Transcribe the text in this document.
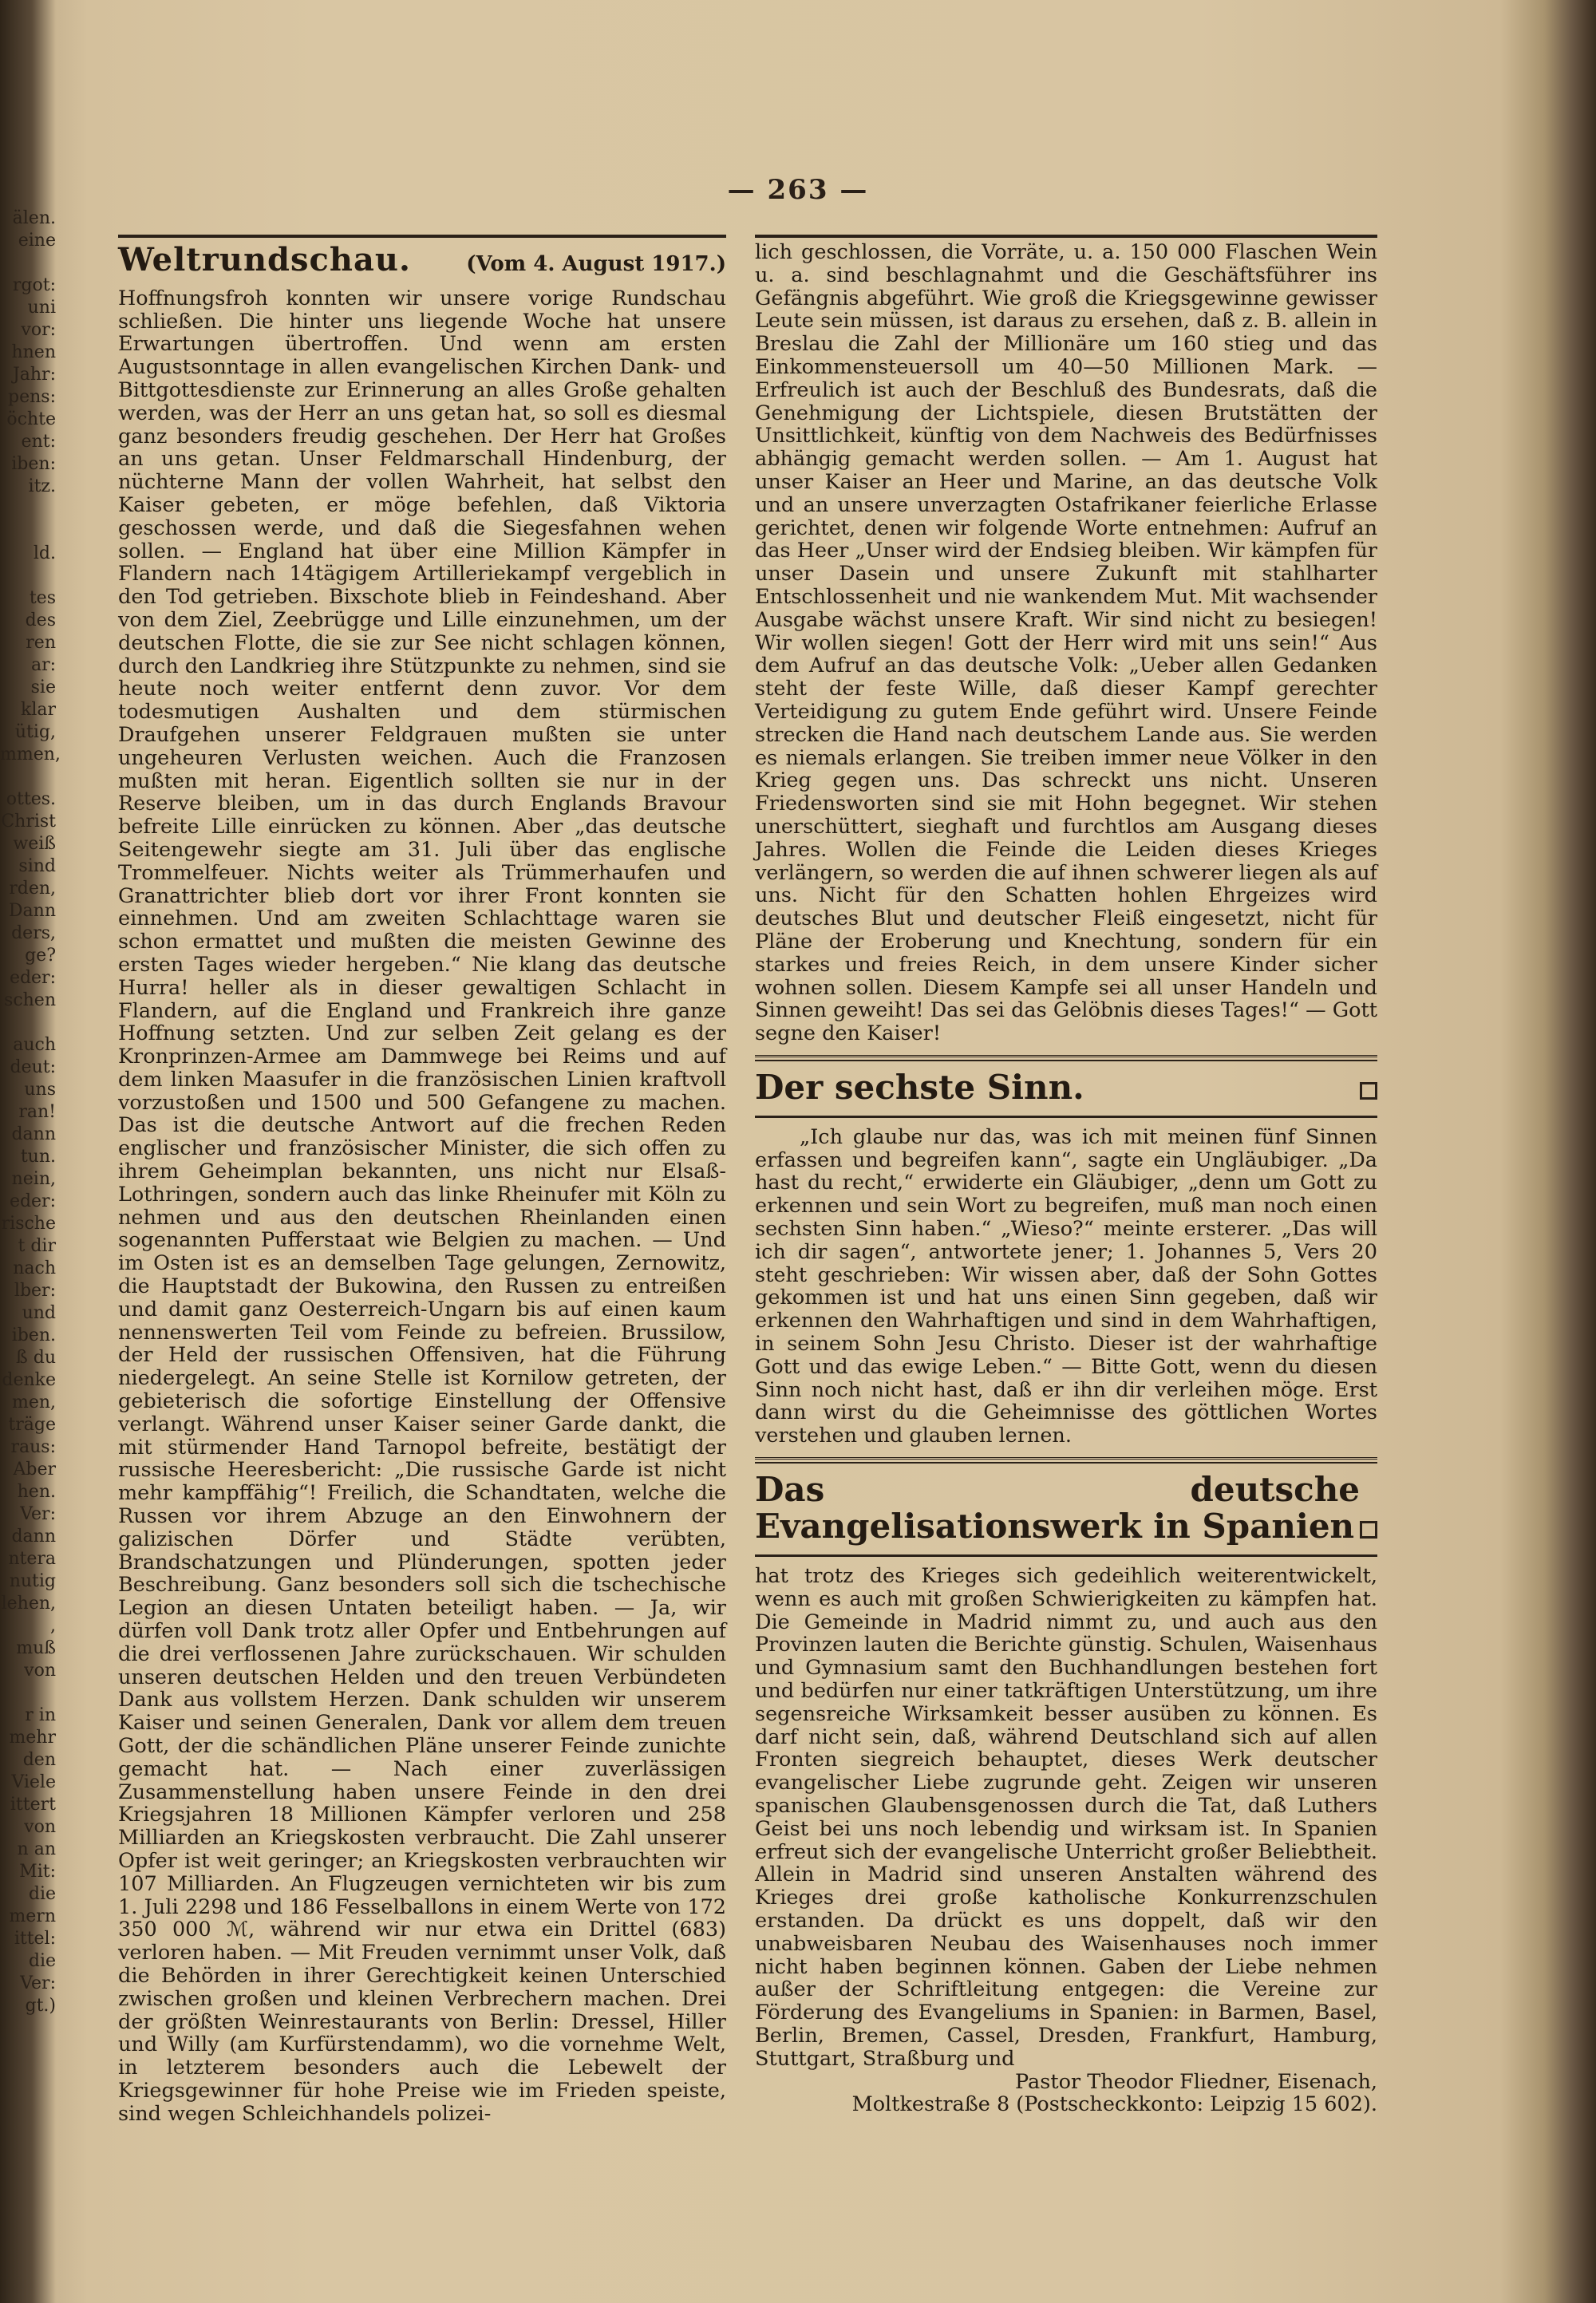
älen.
eine

rgot:
uni
vor:
hnen
Jahr:
pens:
öchte
ent:
iben:
itz.

ld.

tes
des
ren
ar:
sie
klar
ütig,
mmen,

ottes.
Christ
weiß
sind
rden,
Dann
ders,
ge?
eder:
schen

auch
deut:
uns
ran!
dann
tun.
nein,
eder:
rische
t dir
nach
lber:
und
iben.
ß du
denke
men,
träge
raus:
Aber
hen.
Ver:
dann
ntera
nutig
lehen,
,
muß
von

r in
mehr
den
Viele
ittert
von
n an
Mit:
die
mern
ittel:
die
Ver:
gt.)
— 263 —
Weltrundschau.	(Vom 4. August 1917.)

Hoffnungsfroh konnten wir unsere vorige Rundschau schließen. Die hinter uns liegende Woche hat unsere Erwartungen übertroffen. Und wenn am ersten Augustsonntage in allen evangelischen Kirchen Dank- und Bittgottesdienste zur Erinnerung an alles Große gehalten werden, was der Herr an uns getan hat, so soll es diesmal ganz besonders freudig geschehen. Der Herr hat Großes an uns getan. Unser Feldmarschall Hindenburg, der nüchterne Mann der vollen Wahrheit, hat selbst den Kaiser gebeten, er möge befehlen, daß Viktoria geschossen werde, und daß die Siegesfahnen wehen sollen. — England hat über eine Million Kämpfer in Flandern nach 14tägigem Artilleriekampf vergeblich in den Tod getrieben. Bixschote blieb in Feindeshand. Aber von dem Ziel, Zeebrügge und Lille einzunehmen, um der deutschen Flotte, die sie zur See nicht schlagen können, durch den Landkrieg ihre Stützpunkte zu nehmen, sind sie heute noch weiter entfernt denn zuvor. Vor dem todesmutigen Aushalten und dem stürmischen Draufgehen unserer Feldgrauen mußten sie unter ungeheuren Verlusten weichen. Auch die Franzosen mußten mit heran. Eigentlich sollten sie nur in der Reserve bleiben, um in das durch Englands Bravour befreite Lille einrücken zu können. Aber „das deutsche Seitengewehr siegte am 31. Juli über das englische Trommelfeuer. Nichts weiter als Trümmerhaufen und Granattrichter blieb dort vor ihrer Front konnten sie einnehmen. Und am zweiten Schlachttage waren sie schon ermattet und mußten die meisten Gewinne des ersten Tages wieder hergeben.“ Nie klang das deutsche Hurra! heller als in dieser gewaltigen Schlacht in Flandern, auf die England und Frankreich ihre ganze Hoffnung setzten. Und zur selben Zeit gelang es der Kronprinzen-Armee am Dammwege bei Reims und auf dem linken Maasufer in die französischen Linien kraftvoll vorzustoßen und 1500 und 500 Gefangene zu machen. Das ist die deutsche Antwort auf die frechen Reden englischer und französischer Minister, die sich offen zu ihrem Geheimplan bekannten, uns nicht nur Elsaß-Lothringen, sondern auch das linke Rheinufer mit Köln zu nehmen und aus den deutschen Rheinlanden einen sogenannten Pufferstaat wie Belgien zu machen. — Und im Osten ist es an demselben Tage gelungen, Zernowitz, die Hauptstadt der Bukowina, den Russen zu entreißen und damit ganz Oesterreich-Ungarn bis auf einen kaum nennenswerten Teil vom Feinde zu befreien. Brussilow, der Held der russischen Offensiven, hat die Führung niedergelegt. An seine Stelle ist Kornilow getreten, der gebieterisch die sofortige Einstellung der Offensive verlangt. Während unser Kaiser seiner Garde dankt, die mit stürmender Hand Tarnopol befreite, bestätigt der russische Heeresbericht: „Die russische Garde ist nicht mehr kampffähig“! Freilich, die Schandtaten, welche die Russen vor ihrem Abzuge an den Einwohnern der galizischen Dörfer und Städte verübten, Brandschatzungen und Plünderungen, spotten jeder Beschreibung. Ganz besonders soll sich die tschechische Legion an diesen Untaten beteiligt haben. — Ja, wir dürfen voll Dank trotz aller Opfer und Entbehrungen auf die drei verflossenen Jahre zurückschauen. Wir schulden unseren deutschen Helden und den treuen Verbündeten Dank aus vollstem Herzen. Dank schulden wir unserem Kaiser und seinen Generalen, Dank vor allem dem treuen Gott, der die schändlichen Pläne unserer Feinde zunichte gemacht hat. — Nach einer zuverlässigen Zusammenstellung haben unsere Feinde in den drei Kriegsjahren 18 Millionen Kämpfer verloren und 258 Milliarden an Kriegskosten verbraucht. Die Zahl unserer Opfer ist weit geringer; an Kriegskosten verbrauchten wir 107 Milliarden. An Flugzeugen vernichteten wir bis zum 1. Juli 2298 und 186 Fesselballons in einem Werte von 172 350 000 ℳ, während wir nur etwa ein Drittel (683) verloren haben. — Mit Freuden vernimmt unser Volk, daß die Behörden in ihrer Gerechtigkeit keinen Unterschied zwischen großen und kleinen Verbrechern machen. Drei der größten Weinrestaurants von Berlin: Dressel, Hiller und Willy (am Kurfürstendamm), wo die vornehme Welt, in letzterem besonders auch die Lebewelt der Kriegsgewinner für hohe Preise wie im Frieden speiste, sind wegen Schleichhandels polizei-

lich geschlossen, die Vorräte, u. a. 150 000 Flaschen Wein u. a. sind beschlagnahmt und die Geschäftsführer ins Gefängnis abgeführt. Wie groß die Kriegsgewinne gewisser Leute sein müssen, ist daraus zu ersehen, daß z. B. allein in Breslau die Zahl der Millionäre um 160 stieg und das Einkommensteuersoll um 40—50 Millionen Mark. — Erfreulich ist auch der Beschluß des Bundesrats, daß die Genehmigung der Lichtspiele, diesen Brutstätten der Unsittlichkeit, künftig von dem Nachweis des Bedürfnisses abhängig gemacht werden sollen. — Am 1. August hat unser Kaiser an Heer und Marine, an das deutsche Volk und an unsere unverzagten Ostafrikaner feierliche Erlasse gerichtet, denen wir folgende Worte entnehmen: Aufruf an das Heer „Unser wird der Endsieg bleiben. Wir kämpfen für unser Dasein und unsere Zukunft mit stahlharter Entschlossenheit und nie wankendem Mut. Mit wachsender Ausgabe wächst unsere Kraft. Wir sind nicht zu besiegen! Wir wollen siegen! Gott der Herr wird mit uns sein!“ Aus dem Aufruf an das deutsche Volk: „Ueber allen Gedanken steht der feste Wille, daß dieser Kampf gerechter Verteidigung zu gutem Ende geführt wird. Unsere Feinde strecken die Hand nach deutschem Lande aus. Sie werden es niemals erlangen. Sie treiben immer neue Völker in den Krieg gegen uns. Das schreckt uns nicht. Unseren Friedensworten sind sie mit Hohn begegnet. Wir stehen unerschüttert, sieghaft und furchtlos am Ausgang dieses Jahres. Wollen die Feinde die Leiden dieses Krieges verlängern, so werden die auf ihnen schwerer liegen als auf uns. Nicht für den Schatten hohlen Ehrgeizes wird deutsches Blut und deutscher Fleiß eingesetzt, nicht für Pläne der Eroberung und Knechtung, sondern für ein starkes und freies Reich, in dem unsere Kinder sicher wohnen sollen. Diesem Kampfe sei all unser Handeln und Sinnen geweiht! Das sei das Gelöbnis dieses Tages!“ — Gott segne den Kaiser!

Der sechste Sinn.

„Ich glaube nur das, was ich mit meinen fünf Sinnen erfassen und begreifen kann“, sagte ein Ungläubiger. „Da hast du recht,“ erwiderte ein Gläubiger, „denn um Gott zu erkennen und sein Wort zu begreifen, muß man noch einen sechsten Sinn haben.“ „Wieso?“ meinte ersterer. „Das will ich dir sagen“, antwortete jener; 1. Johannes 5, Vers 20 steht geschrieben: Wir wissen aber, daß der Sohn Gottes gekommen ist und hat uns einen Sinn gegeben, daß wir erkennen den Wahrhaftigen und sind in dem Wahrhaftigen, in seinem Sohn Jesu Christo. Dieser ist der wahrhaftige Gott und das ewige Leben.“ — Bitte Gott, wenn du diesen Sinn noch nicht hast, daß er ihn dir verleihen möge. Erst dann wirst du die Geheimnisse des göttlichen Wortes verstehen und glauben lernen.

Das deutsche Evangelisationswerk in Spanien

hat trotz des Krieges sich gedeihlich weiterentwickelt, wenn es auch mit großen Schwierigkeiten zu kämpfen hat. Die Gemeinde in Madrid nimmt zu, und auch aus den Provinzen lauten die Berichte günstig. Schulen, Waisenhaus und Gymnasium samt den Buchhandlungen bestehen fort und bedürfen nur einer tatkräftigen Unterstützung, um ihre segensreiche Wirksamkeit besser ausüben zu können. Es darf nicht sein, daß, während Deutschland sich auf allen Fronten siegreich behauptet, dieses Werk deutscher evangelischer Liebe zugrunde geht. Zeigen wir unseren spanischen Glaubensgenossen durch die Tat, daß Luthers Geist bei uns noch lebendig und wirksam ist. In Spanien erfreut sich der evangelische Unterricht großer Beliebtheit. Allein in Madrid sind unseren Anstalten während des Krieges drei große katholische Konkurrenzschulen erstanden. Da drückt es uns doppelt, daß wir den unabweisbaren Neubau des Waisenhauses noch immer nicht haben beginnen können. Gaben der Liebe nehmen außer der Schriftleitung entgegen: die Vereine zur Förderung des Evangeliums in Spanien: in Barmen, Basel, Berlin, Bremen, Cassel, Dresden, Frankfurt, Hamburg, Stuttgart, Straßburg und

Pastor Theodor Fliedner, Eisenach,

Moltkestraße 8 (Postscheckkonto: Leipzig 15 602).
